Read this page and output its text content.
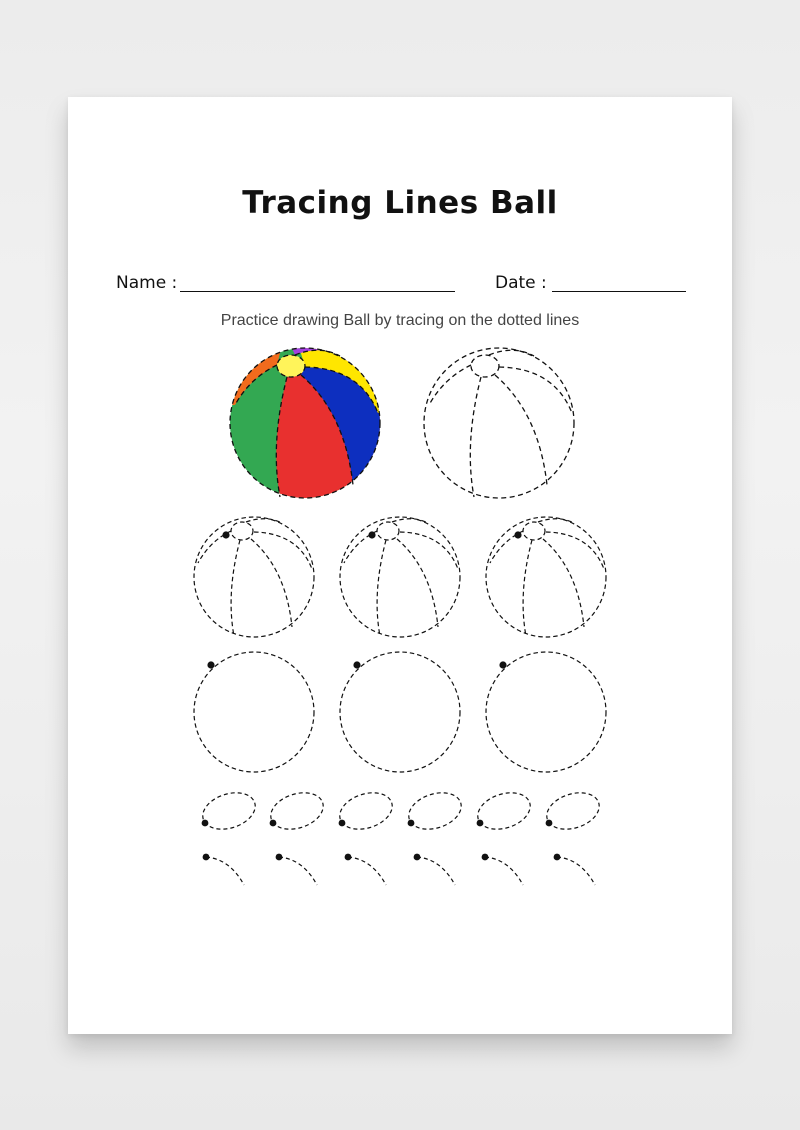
Tracing Lines Ball
Name :	Date :
Practice drawing Ball by tracing on the dotted lines
